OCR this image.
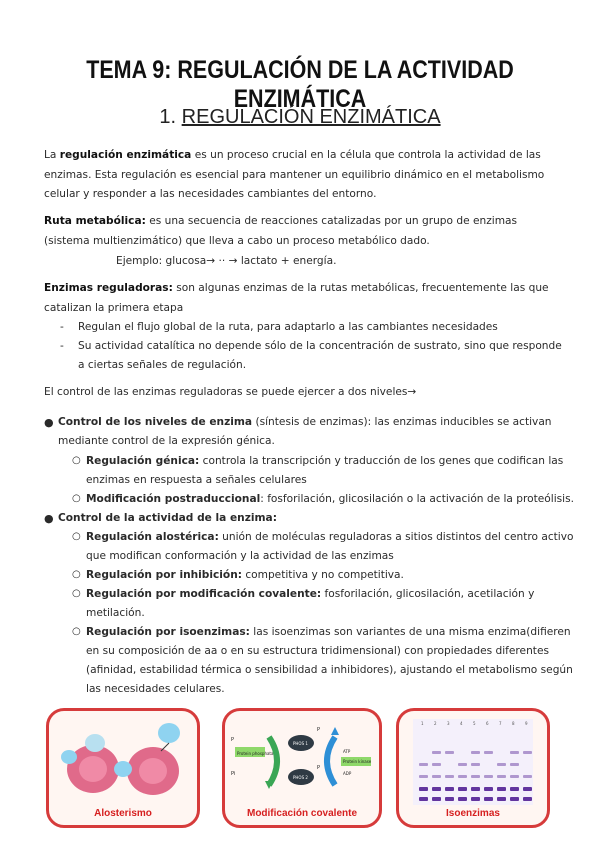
TEMA 9: REGULACIÓN DE LA ACTIVIDAD ENZIMÁTICA
1. REGULACIÓN ENZIMÁTICA
La regulación enzimática es un proceso crucial en la célula que controla la actividad de las enzimas. Esta regulación es esencial para mantener un equilibrio dinámico en el metabolismo celular y responder a las necesidades cambiantes del entorno.
Ruta metabólica: es una secuencia de reacciones catalizadas por un grupo de enzimas (sistema multienzimático) que lleva a cabo un proceso metabólico dado.
Ejemplo: glucosa→ ·· → lactato + energía.
Enzimas reguladoras: son algunas enzimas de la rutas metabólicas, frecuentemente las que catalizan la primera etapa
- Regulan el flujo global de la ruta, para adaptarlo a las cambiantes necesidades
- Su actividad catalítica no depende sólo de la concentración de sustrato, sino que responde a ciertas señales de regulación.
El control de las enzimas reguladoras se puede ejercer a dos niveles→
● Control de los niveles de enzima (síntesis de enzimas): las enzimas inducibles se activan mediante control de la expresión génica.
○ Regulación génica: controla la transcripción y traducción de los genes que codifican las enzimas en respuesta a señales celulares
○ Modificación postraduccional: fosforilación, glicosilación o la activación de la proteólisis.
● Control de la actividad de la enzima:
○ Regulación alostérica: unión de moléculas reguladoras a sitios distintos del centro activo que modifican conformación y la actividad de las enzimas
○ Regulación por inhibición: competitiva y no competitiva.
○ Regulación por modificación covalente: fosforilación, glicosilación, acetilación y metilación.
○ Regulación por isoenzimas: las isoenzimas son variantes de una misma enzima(difieren en su composición de aa o en su estructura tridimensional) con propiedades diferentes (afinidad, estabilidad térmica o sensibilidad a inhibidores), ajustando el metabolismo según las necesidades celulares.
Alosterismo
Protein phosphatase
P
Pi
PHOS 1
PHOS 2
P
P
ATP
Protein kinase
ADP
Modificación covalente
1	2	3	4	5	6	7	8	9
Isoenzimas
